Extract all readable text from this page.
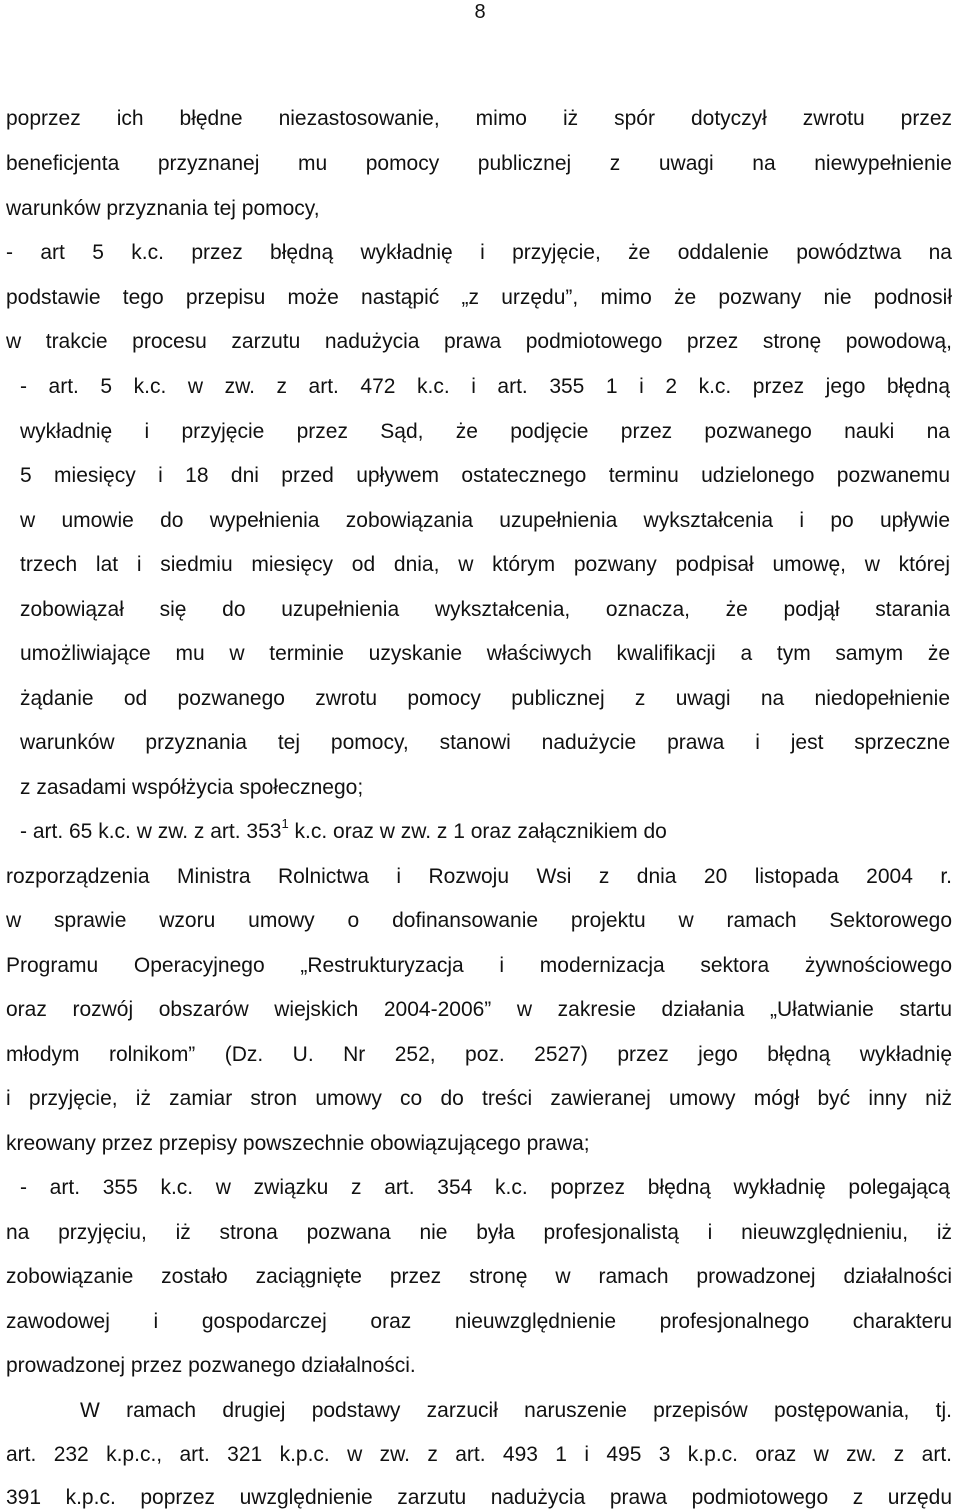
8
poprzez ich błędne niezastosowanie, mimo iż spór dotyczył zwrotu przez
beneficjenta przyznanej mu pomocy publicznej z uwagi na niewypełnienie
warunków przyznania tej pomocy,
- art 5 k.c. przez błędną wykładnię i przyjęcie, że oddalenie powództwa na
podstawie tego przepisu może nastąpić „z urzędu”, mimo że pozwany nie podnosił
w trakcie procesu zarzutu nadużycia prawa podmiotowego przez stronę powodową,
- art. 5 k.c. w zw. z art. 472 k.c. i art. 355 1 i 2 k.c. przez jego błędną
wykładnię i przyjęcie przez Sąd, że podjęcie przez pozwanego nauki na
5 miesięcy i 18 dni przed upływem ostatecznego terminu udzielonego pozwanemu
w umowie do wypełnienia zobowiązania uzupełnienia wykształcenia i po upływie
trzech lat i siedmiu miesięcy od dnia, w którym pozwany podpisał umowę, w której
zobowiązał się do uzupełnienia wykształcenia, oznacza, że podjął starania
umożliwiające mu w terminie uzyskanie właściwych kwalifikacji a tym samym że
żądanie od pozwanego zwrotu pomocy publicznej z uwagi na niedopełnienie
warunków przyznania tej pomocy, stanowi nadużycie prawa i jest sprzeczne
z zasadami współżycia społecznego;
- art. 65 k.c. w zw. z art. $353^1$ k.c. oraz w zw. z 1 oraz załącznikiem do
rozporządzenia Ministra Rolnictwa i Rozwoju Wsi z dnia 20 listopada 2004 r.
w sprawie wzoru umowy o dofinansowanie projektu w ramach Sektorowego
Programu Operacyjnego „Restrukturyzacja i modernizacja sektora żywnościowego
oraz rozwój obszarów wiejskich 2004-2006” w zakresie działania „Ułatwianie startu
młodym rolnikom” (Dz. U. Nr 252, poz. 2527) przez jego błędną wykładnię
i przyjęcie, iż zamiar stron umowy co do treści zawieranej umowy mógł być inny niż
kreowany przez przepisy powszechnie obowiązującego prawa;
- art. 355 k.c. w związku z art. 354 k.c. poprzez błędną wykładnię polegającą
na przyjęciu, iż strona pozwana nie była profesjonalistą i nieuwzględnieniu, iż
zobowiązanie zostało zaciągnięte przez stronę w ramach prowadzonej działalności
zawodowej i gospodarczej oraz nieuwzględnienie profesjonalnego charakteru
prowadzonej przez pozwanego działalności.
W ramach drugiej podstawy zarzucił naruszenie przepisów postępowania, tj.
art. 232 k.p.c., art. 321 k.p.c. w zw. z art. 493 1 i 495 3 k.p.c. oraz w zw. z art.
391 k.p.c. poprzez uwzględnienie zarzutu nadużycia prawa podmiotowego z urzędu
